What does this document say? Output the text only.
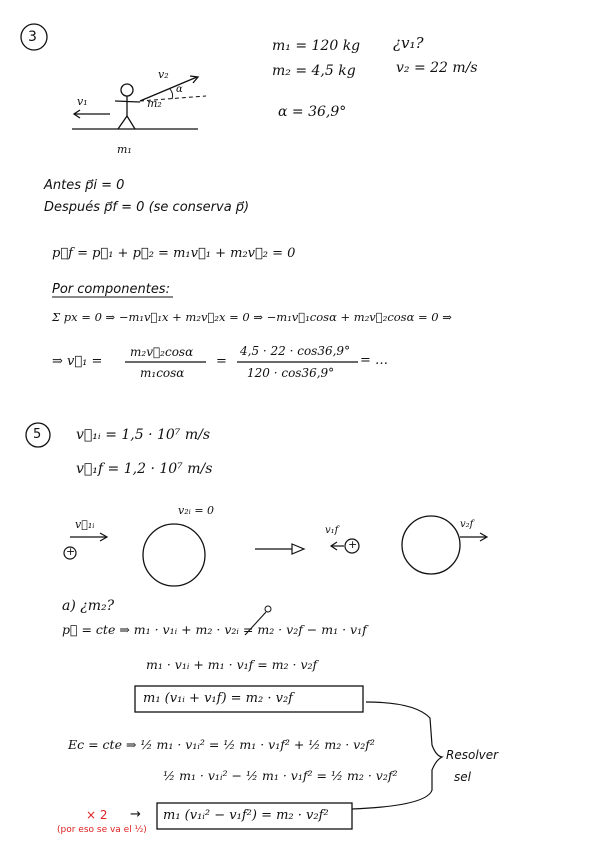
3
m₁ = 120 kg
m₂ = 4,5 kg
α = 36,9°
¿v₁?
v₂ = 22 m/s
v₂
α
m₂
v₁
m₁
Antes p⃗i = 0
Después p⃗f = 0 (se conserva p⃗)
p⃗f = p⃗₁ + p⃗₂ = m₁v⃗₁ + m₂v⃗₂ = 0
Por componentes:
Σ px = 0 ⇒ −m₁v⃗₁x + m₂v⃗₂x = 0 ⇒ −m₁v⃗₁cosα + m₂v⃗₂cosα = 0 ⇒
⇒ v⃗₁ =
m₂v⃗₂cosα
m₁cosα
=
4,5 · 22 · cos36,9°
120 · cos36,9°
= …
5 v⃗₁ᵢ = 1,5 · 10⁷ m/s
v⃗₁f = 1,2 · 10⁷ m/s
v⃗₁ᵢ
+
+
v₂ᵢ = 0
v₁f
v₂f
a) ¿m₂?
p⃗ = cte ⇒ m₁ · v₁ᵢ + m₂ · v₂ᵢ = m₂ · v₂f − m₁ · v₁f
m₁ · v₁ᵢ + m₁ · v₁f = m₂ · v₂f
m₁ (v₁ᵢ + v₁f) = m₂ · v₂f
Ec = cte ⇒ ½ m₁ · v₁ᵢ² = ½ m₁ · v₁f² + ½ m₂ · v₂f²
½ m₁ · v₁ᵢ² − ½ m₁ · v₁f² = ½ m₂ · v₂f²
× 2
(por eso se va el ½)
→ m₁ (v₁ᵢ² − v₁f²) = m₂ · v₂f²
Resolver
sel
